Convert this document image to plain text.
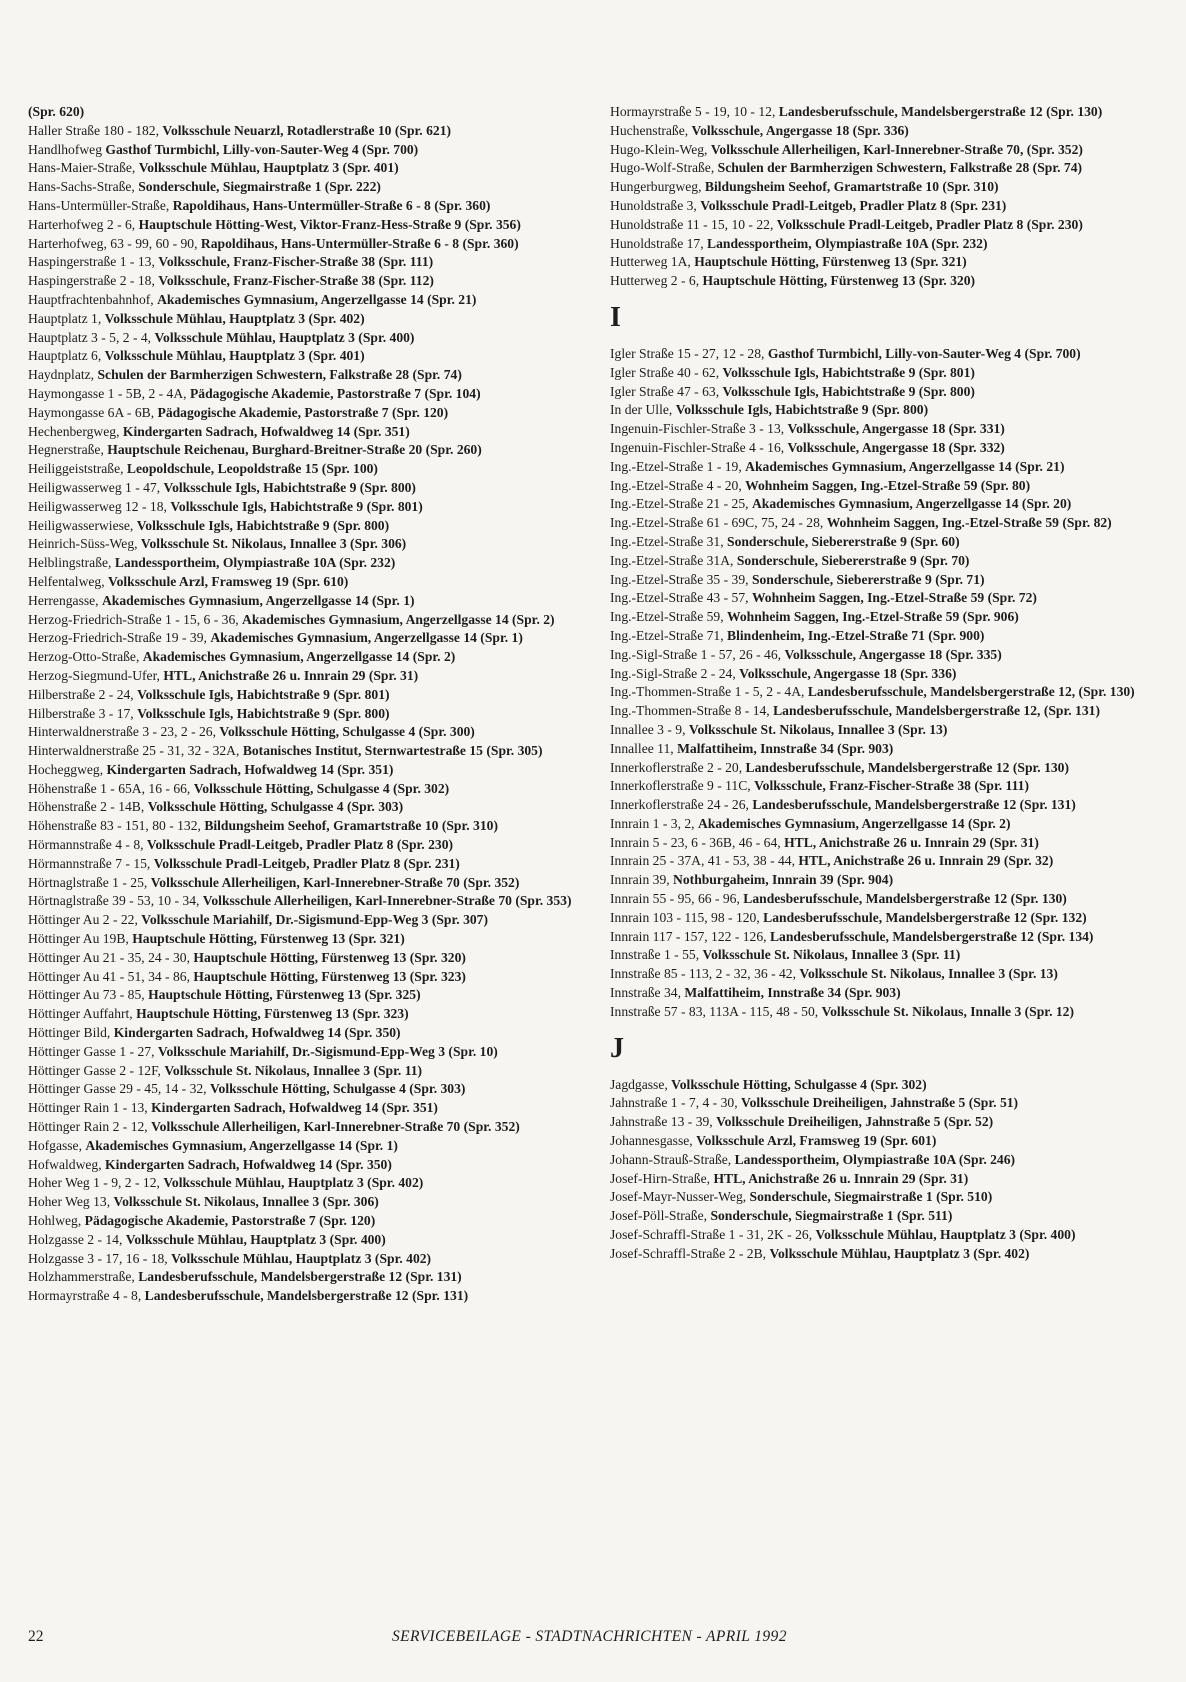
(Spr. 620)
Haller Straße 180 - 182, Volksschule Neuarzl, Rotadlerstraße 10 (Spr. 621)
Handlhofweg Gasthof Turmbichl, Lilly-von-Sauter-Weg 4 (Spr. 700)
Hans-Maier-Straße, Volksschule Mühlau, Hauptplatz 3 (Spr. 401)
Hans-Sachs-Straße, Sonderschule, Siegmairstraße 1 (Spr. 222)
Hans-Untermüller-Straße, Rapoldihaus, Hans-Untermüller-Straße 6 - 8 (Spr. 360)
Harterhofweg 2 - 6, Hauptschule Hötting-West, Viktor-Franz-Hess-Straße 9 (Spr. 356)
Harterhofweg, 63 - 99, 60 - 90, Rapoldihaus, Hans-Untermüller-Straße 6 - 8 (Spr. 360)
Haspingerstraße 1 - 13, Volksschule, Franz-Fischer-Straße 38 (Spr. 111)
Haspingerstraße 2 - 18, Volksschule, Franz-Fischer-Straße 38 (Spr. 112)
Hauptfrachtenbahnhof, Akademisches Gymnasium, Angerzellgasse 14 (Spr. 21)
Hauptplatz 1, Volksschule Mühlau, Hauptplatz 3 (Spr. 402)
Hauptplatz 3 - 5, 2 - 4, Volksschule Mühlau, Hauptplatz 3 (Spr. 400)
Hauptplatz 6, Volksschule Mühlau, Hauptplatz 3 (Spr. 401)
Haydnplatz, Schulen der Barmherzigen Schwestern, Falkstraße 28 (Spr. 74)
Haymongasse 1 - 5B, 2 - 4A, Pädagogische Akademie, Pastorstraße 7 (Spr. 104)
Haymongasse 6A - 6B, Pädagogische Akademie, Pastorstraße 7 (Spr. 120)
Hechenbergweg, Kindergarten Sadrach, Hofwaldweg 14 (Spr. 351)
Hegnerstraße, Hauptschule Reichenau, Burghard-Breitner-Straße 20 (Spr. 260)
Heiliggeiststraße, Leopoldschule, Leopoldstraße 15 (Spr. 100)
Heiligwasserweg 1 - 47, Volksschule Igls, Habichtstraße 9 (Spr. 800)
Heiligwasserweg 12 - 18, Volksschule Igls, Habichtstraße 9 (Spr. 801)
Heiligwasserwiese, Volksschule Igls, Habichtstraße 9 (Spr. 800)
Heinrich-Süss-Weg, Volksschule St. Nikolaus, Innallee 3 (Spr. 306)
Helblingstraße, Landessportheim, Olympiastraße 10A (Spr. 232)
Helfentalweg, Volksschule Arzl, Framsweg 19 (Spr. 610)
Herrengasse, Akademisches Gymnasium, Angerzellgasse 14 (Spr. 1)
Herzog-Friedrich-Straße 1 - 15, 6 - 36, Akademisches Gymnasium, Angerzellgasse 14 (Spr. 2)
Herzog-Friedrich-Straße 19 - 39, Akademisches Gymnasium, Angerzellgasse 14 (Spr. 1)
Herzog-Otto-Straße, Akademisches Gymnasium, Angerzellgasse 14 (Spr. 2)
Herzog-Siegmund-Ufer, HTL, Anichstraße 26 u. Innrain 29 (Spr. 31)
Hilberstraße 2 - 24, Volksschule Igls, Habichtstraße 9 (Spr. 801)
Hilberstraße 3 - 17, Volksschule Igls, Habichtstraße 9 (Spr. 800)
Hinterwaldnerstraße 3 - 23, 2 - 26, Volksschule Hötting, Schulgasse 4 (Spr. 300)
Hinterwaldnerstraße 25 - 31, 32 - 32A, Botanisches Institut, Sternwartestraße 15 (Spr. 305)
Hocheggweg, Kindergarten Sadrach, Hofwaldweg 14 (Spr. 351)
Höhenstraße 1 - 65A, 16 - 66, Volksschule Hötting, Schulgasse 4 (Spr. 302)
Höhenstraße 2 - 14B, Volksschule Hötting, Schulgasse 4 (Spr. 303)
Höhenstraße 83 - 151, 80 - 132, Bildungsheim Seehof, Gramartstraße 10 (Spr. 310)
Hörmannstraße 4 - 8, Volksschule Pradl-Leitgeb, Pradler Platz 8 (Spr. 230)
Hörmannstraße 7 - 15, Volksschule Pradl-Leitgeb, Pradler Platz 8 (Spr. 231)
Hörtnaglstraße 1 - 25, Volksschule Allerheiligen, Karl-Innerebner-Straße 70 (Spr. 352)
Hörtnaglstraße 39 - 53, 10 - 34, Volksschule Allerheiligen, Karl-Innerebner-Straße 70 (Spr. 353)
Höttinger Au 2 - 22, Volksschule Mariahilf, Dr.-Sigismund-Epp-Weg 3 (Spr. 307)
Höttinger Au 19B, Hauptschule Hötting, Fürstenweg 13 (Spr. 321)
Höttinger Au 21 - 35, 24 - 30, Hauptschule Hötting, Fürstenweg 13 (Spr. 320)
Höttinger Au 41 - 51, 34 - 86, Hauptschule Hötting, Fürstenweg 13 (Spr. 323)
Höttinger Au 73 - 85, Hauptschule Hötting, Fürstenweg 13 (Spr. 325)
Höttinger Auffahrt, Hauptschule Hötting, Fürstenweg 13 (Spr. 323)
Höttinger Bild, Kindergarten Sadrach, Hofwaldweg 14 (Spr. 350)
Höttinger Gasse 1 - 27, Volksschule Mariahilf, Dr.-Sigismund-Epp-Weg 3 (Spr. 10)
Höttinger Gasse 2 - 12F, Volksschule St. Nikolaus, Innallee 3 (Spr. 11)
Höttinger Gasse 29 - 45, 14 - 32, Volksschule Hötting, Schulgasse 4 (Spr. 303)
Höttinger Rain 1 - 13, Kindergarten Sadrach, Hofwaldweg 14 (Spr. 351)
Höttinger Rain 2 - 12, Volksschule Allerheiligen, Karl-Innerebner-Straße 70 (Spr. 352)
Hofgasse, Akademisches Gymnasium, Angerzellgasse 14 (Spr. 1)
Hofwaldweg, Kindergarten Sadrach, Hofwaldweg 14 (Spr. 350)
Hoher Weg 1 - 9, 2 - 12, Volksschule Mühlau, Hauptplatz 3 (Spr. 402)
Hoher Weg 13, Volksschule St. Nikolaus, Innallee 3 (Spr. 306)
Hohlweg, Pädagogische Akademie, Pastorstraße 7 (Spr. 120)
Holzgasse 2 - 14, Volksschule Mühlau, Hauptplatz 3 (Spr. 400)
Holzgasse 3 - 17, 16 - 18, Volksschule Mühlau, Hauptplatz 3 (Spr. 402)
Holzhammerstraße, Landesberufsschule, Mandelsbergerstraße 12 (Spr. 131)
Hormayrstraße 4 - 8, Landesberufsschule, Mandelsbergerstraße 12 (Spr. 131)
Hormayrstraße 5 - 19, 10 - 12, Landesberufsschule, Mandelsbergerstraße 12 (Spr. 130)
Huchenstraße, Volksschule, Angergasse 18 (Spr. 336)
Hugo-Klein-Weg, Volksschule Allerheiligen, Karl-Innerebner-Straße 70, (Spr. 352)
Hugo-Wolf-Straße, Schulen der Barmherzigen Schwestern, Falkstraße 28 (Spr. 74)
Hungerburgweg, Bildungsheim Seehof, Gramartstraße 10 (Spr. 310)
Hunoldstraße 3, Volksschule Pradl-Leitgeb, Pradler Platz 8 (Spr. 231)
Hunoldstraße 11 - 15, 10 - 22, Volksschule Pradl-Leitgeb, Pradler Platz 8 (Spr. 230)
Hunoldstraße 17, Landessportheim, Olympiastraße 10A (Spr. 232)
Hutterweg 1A, Hauptschule Hötting, Fürstenweg 13 (Spr. 321)
Hutterweg 2 - 6, Hauptschule Hötting, Fürstenweg 13 (Spr. 320)
I
Igler Straße 15 - 27, 12 - 28, Gasthof Turmbichl, Lilly-von-Sauter-Weg 4 (Spr. 700)
Igler Straße 40 - 62, Volksschule Igls, Habichtstraße 9 (Spr. 801)
Igler Straße 47 - 63, Volksschule Igls, Habichtstraße 9 (Spr. 800)
In der Ulle, Volksschule Igls, Habichtstraße 9 (Spr. 800)
Ingenuin-Fischler-Straße 3 - 13, Volksschule, Angergasse 18 (Spr. 331)
Ingenuin-Fischler-Straße 4 - 16, Volksschule, Angergasse 18 (Spr. 332)
Ing.-Etzel-Straße 1 - 19, Akademisches Gymnasium, Angerzellgasse 14 (Spr. 21)
Ing.-Etzel-Straße 4 - 20, Wohnheim Saggen, Ing.-Etzel-Straße 59 (Spr. 80)
Ing.-Etzel-Straße 21 - 25, Akademisches Gymnasium, Angerzellgasse 14 (Spr. 20)
Ing.-Etzel-Straße 61 - 69C, 75, 24 - 28, Wohnheim Saggen, Ing.-Etzel-Straße 59 (Spr. 82)
Ing.-Etzel-Straße 31, Sonderschule, Siebererstraße 9 (Spr. 60)
Ing.-Etzel-Straße 31A, Sonderschule, Siebererstraße 9 (Spr. 70)
Ing.-Etzel-Straße 35 - 39, Sonderschule, Siebererstraße 9 (Spr. 71)
Ing.-Etzel-Straße 43 - 57, Wohnheim Saggen, Ing.-Etzel-Straße 59 (Spr. 72)
Ing.-Etzel-Straße 59, Wohnheim Saggen, Ing.-Etzel-Straße 59 (Spr. 906)
Ing.-Etzel-Straße 71, Blindenheim, Ing.-Etzel-Straße 71 (Spr. 900)
Ing.-Sigl-Straße 1 - 57, 26 - 46, Volksschule, Angergasse 18 (Spr. 335)
Ing.-Sigl-Straße 2 - 24, Volksschule, Angergasse 18 (Spr. 336)
Ing.-Thommen-Straße 1 - 5, 2 - 4A, Landesberufsschule, Mandelsbergerstraße 12, (Spr. 130)
Ing.-Thommen-Straße 8 - 14, Landesberufsschule, Mandelsbergerstraße 12, (Spr. 131)
Innallee 3 - 9, Volksschule St. Nikolaus, Innallee 3 (Spr. 13)
Innallee 11, Malfattiheim, Innstraße 34 (Spr. 903)
Innerkoflerstraße 2 - 20, Landesberufsschule, Mandelsbergerstraße 12 (Spr. 130)
Innerkoflerstraße 9 - 11C, Volksschule, Franz-Fischer-Straße 38 (Spr. 111)
Innerkoflerstraße 24 - 26, Landesberufsschule, Mandelsbergerstraße 12 (Spr. 131)
Innrain 1 - 3, 2, Akademisches Gymnasium, Angerzellgasse 14 (Spr. 2)
Innrain 5 - 23, 6 - 36B, 46 - 64, HTL, Anichstraße 26 u. Innrain 29 (Spr. 31)
Innrain 25 - 37A, 41 - 53, 38 - 44, HTL, Anichstraße 26 u. Innrain 29 (Spr. 32)
Innrain 39, Nothburgaheim, Innrain 39 (Spr. 904)
Innrain 55 - 95, 66 - 96, Landesberufsschule, Mandelsbergerstraße 12 (Spr. 130)
Innrain 103 - 115, 98 - 120, Landesberufsschule, Mandelsbergerstraße 12 (Spr. 132)
Innrain 117 - 157, 122 - 126, Landesberufsschule, Mandelsbergerstraße 12 (Spr. 134)
Innstraße 1 - 55, Volksschule St. Nikolaus, Innallee 3 (Spr. 11)
Innstraße 85 - 113, 2 - 32, 36 - 42, Volksschule St. Nikolaus, Innallee 3 (Spr. 13)
Innstraße 34, Malfattiheim, Innstraße 34 (Spr. 903)
Innstraße 57 - 83, 113A - 115, 48 - 50, Volksschule St. Nikolaus, Innalle 3 (Spr. 12)
J
Jagdgasse, Volksschule Hötting, Schulgasse 4 (Spr. 302)
Jahnstraße 1 - 7, 4 - 30, Volksschule Dreiheiligen, Jahnstraße 5 (Spr. 51)
Jahnstraße 13 - 39, Volksschule Dreiheiligen, Jahnstraße 5 (Spr. 52)
Johannesgasse, Volksschule Arzl, Framsweg 19 (Spr. 601)
Johann-Strauß-Straße, Landessportheim, Olympiastraße 10A (Spr. 246)
Josef-Hirn-Straße, HTL, Anichstraße 26 u. Innrain 29 (Spr. 31)
Josef-Mayr-Nusser-Weg, Sonderschule, Siegmairstraße 1 (Spr. 510)
Josef-Pöll-Straße, Sonderschule, Siegmairstraße 1 (Spr. 511)
Josef-Schraffl-Straße 1 - 31, 2K - 26, Volksschule Mühlau, Hauptplatz 3 (Spr. 400)
Josef-Schraffl-Straße 2 - 2B, Volksschule Mühlau, Hauptplatz 3 (Spr. 402)
22	SERVICEBEILAGE - STADTNACHRICHTEN - APRIL 1992
